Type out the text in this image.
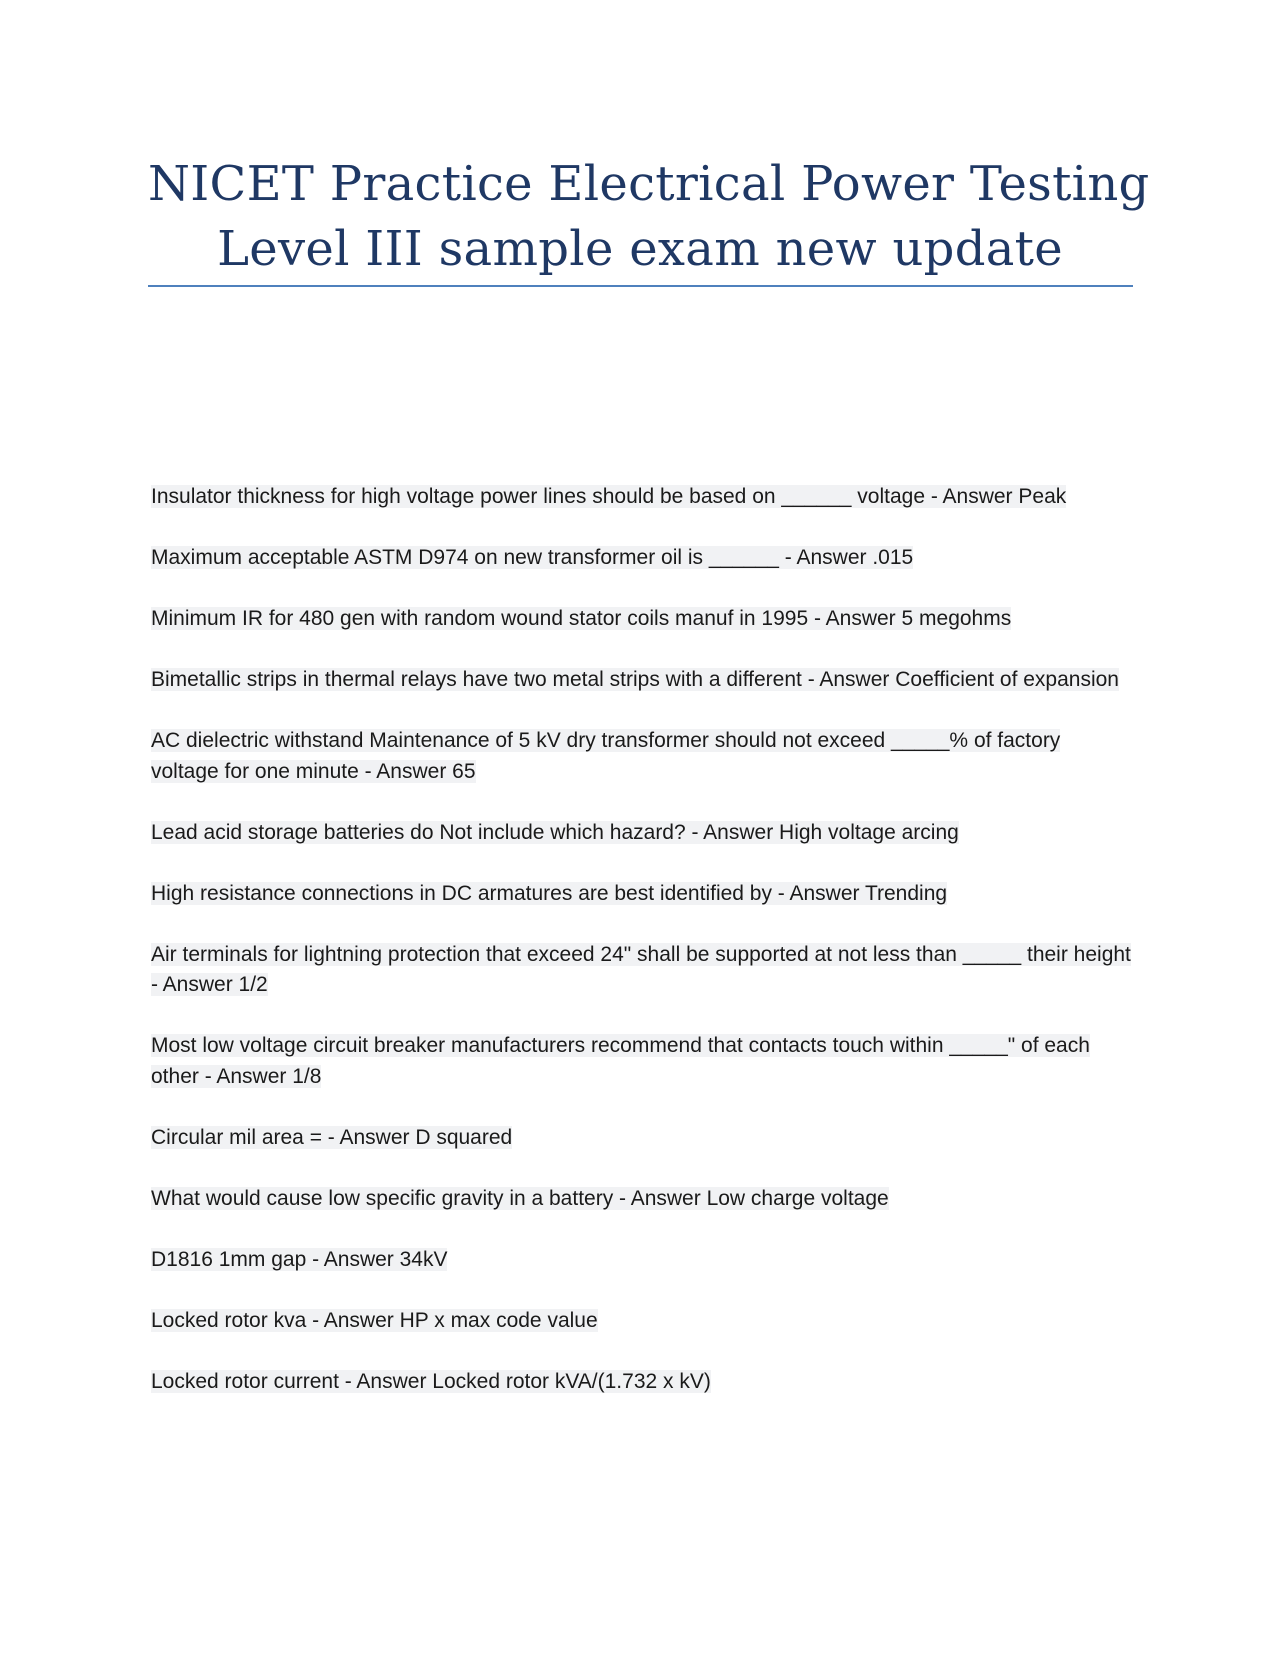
NICET Practice Electrical Power Testing
Level III sample exam new update
Insulator thickness for high voltage power lines should be based on ______ voltage - Answer Peak
Maximum acceptable ASTM D974 on new transformer oil is ______ - Answer .015
Minimum IR for 480 gen with random wound stator coils manuf in 1995 - Answer 5 megohms
Bimetallic strips in thermal relays have two metal strips with a different - Answer Coefficient of expansion
AC dielectric withstand Maintenance of 5 kV dry transformer should not exceed _____% of factory voltage for one minute - Answer 65
Lead acid storage batteries do Not include which hazard? - Answer High voltage arcing
High resistance connections in DC armatures are best identified by - Answer Trending
Air terminals for lightning protection that exceed 24" shall be supported at not less than _____ their height - Answer 1/2
Most low voltage circuit breaker manufacturers recommend that contacts touch within _____" of each other - Answer 1/8
Circular mil area = - Answer D squared
What would cause low specific gravity in a battery - Answer Low charge voltage
D1816 1mm gap - Answer 34kV
Locked rotor kva - Answer HP x max code value
Locked rotor current - Answer Locked rotor kVA/(1.732 x kV)
